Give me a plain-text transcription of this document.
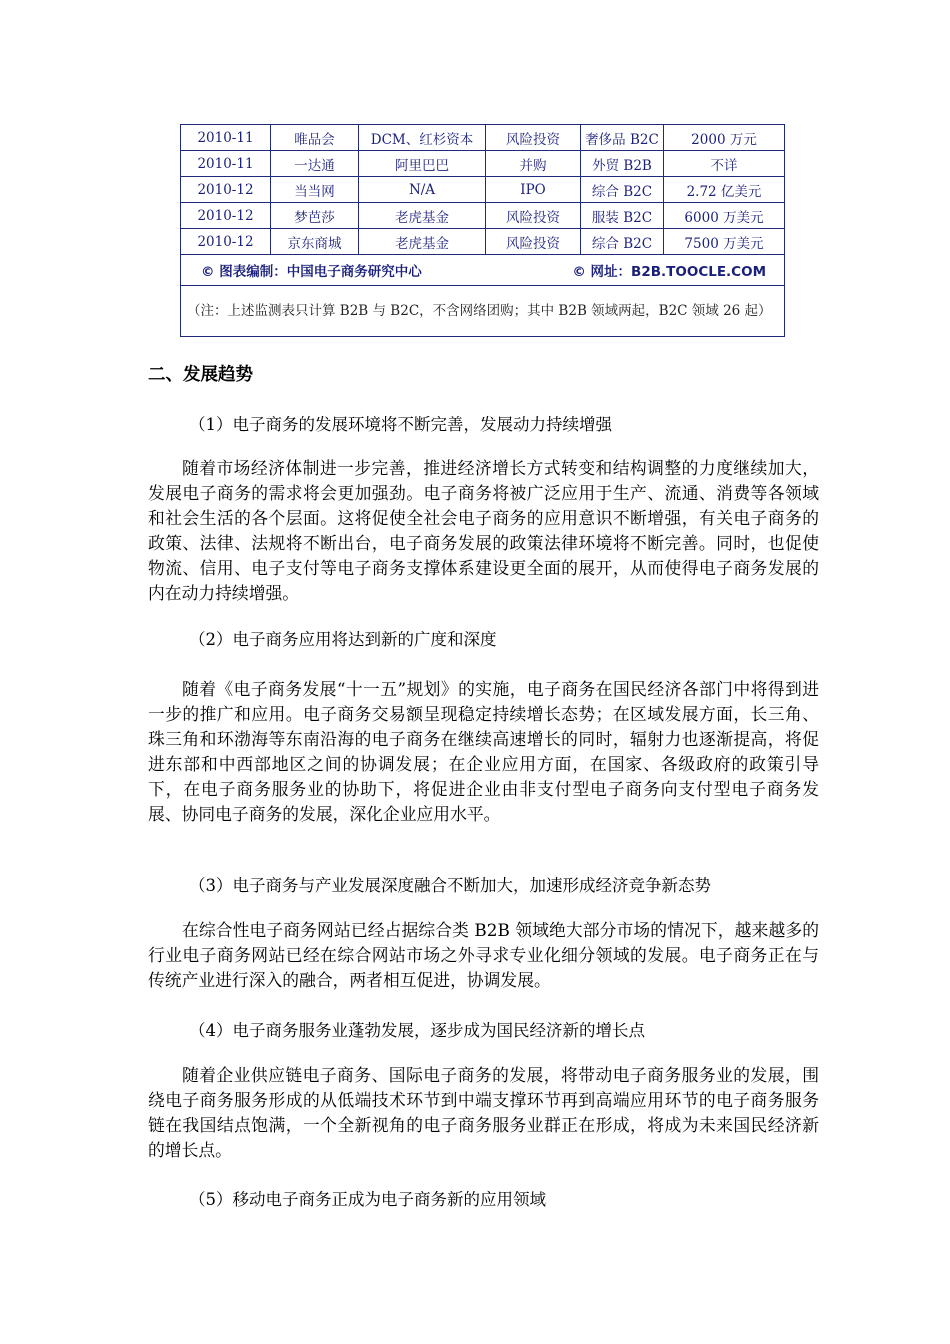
2010-11	唯品会	DCM、红杉资本	风险投资	奢侈品 B2C	2000 万元
2010-11	一达通	阿里巴巴	并购	外贸 B2B	不详
2010-12	当当网	N/A	IPO	综合 B2C	2.72 亿美元
2010-12	梦芭莎	老虎基金	风险投资	服装 B2C	6000 万美元
2010-12	京东商城	老虎基金	风险投资	综合 B2C	7500 万美元

© 图表编制：中国电子商务研究中心 © 网址：B2B.TOOCLE.COM					

（注：上述监测表只计算 B2B 与 B2C，不含网络团购；其中 B2B 领域两起，B2C 领域 26 起）					
二、发展趋势
（1）电子商务的发展环境将不断完善，发展动力持续增强
随着市场经济体制进一步完善，推进经济增长方式转变和结构调整的力度继续加大，发展电子商务的需求将会更加强劲。电子商务将被广泛应用于生产、流通、消费等各领域和社会生活的各个层面。这将促使全社会电子商务的应用意识不断增强，有关电子商务的政策、法律、法规将不断出台，电子商务发展的政策法律环境将不断完善。同时，也促使物流、信用、电子支付等电子商务支撑体系建设更全面的展开，从而使得电子商务发展的内在动力持续增强。
（2）电子商务应用将达到新的广度和深度
随着《电子商务发展“十一五”规划》的实施，电子商务在国民经济各部门中将得到进一步的推广和应用。电子商务交易额呈现稳定持续增长态势；在区域发展方面，长三角、珠三角和环渤海等东南沿海的电子商务在继续高速增长的同时，辐射力也逐渐提高，将促进东部和中西部地区之间的协调发展；在企业应用方面，在国家、各级政府的政策引导下，在电子商务服务业的协助下，将促进企业由非支付型电子商务向支付型电子商务发展、协同电子商务的发展，深化企业应用水平。
（3）电子商务与产业发展深度融合不断加大，加速形成经济竞争新态势
在综合性电子商务网站已经占据综合类 B2B 领域绝大部分市场的情况下，越来越多的行业电子商务网站已经在综合网站市场之外寻求专业化细分领域的发展。电子商务正在与传统产业进行深入的融合，两者相互促进，协调发展。
（4）电子商务服务业蓬勃发展，逐步成为国民经济新的增长点
随着企业供应链电子商务、国际电子商务的发展，将带动电子商务服务业的发展，围绕电子商务服务形成的从低端技术环节到中端支撑环节再到高端应用环节的电子商务服务链在我国结点饱满，一个全新视角的电子商务服务业群正在形成，将成为未来国民经济新的增长点。
（5）移动电子商务正成为电子商务新的应用领域
